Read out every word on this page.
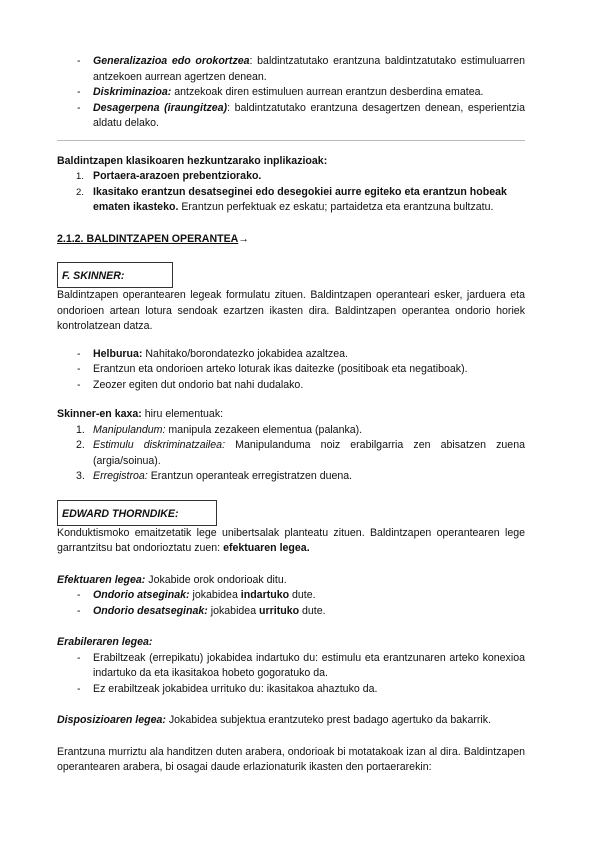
- Generalizazioa edo orokortzea: baldintzatutako erantzuna baldintzatutako estimuluarren antzekoen aurrean agertzen denean.
- Diskriminazioa: antzekoak diren estimuluen aurrean erantzun desberdina ematea.
- Desagerpena (iraungitzea): baldintzatutako erantzuna desagertzen denean, esperientzia aldatu delako.

Baldintzapen klasikoaren hezkuntzarako inplikazioak:

1. Portaera-arazoen prebentziorako.
2. Ikasitako erantzun desatseginei edo desegokiei aurre egiteko eta erantzun hobeak ematen ikasteko. Erantzun perfektuak ez eskatu; partaidetza eta erantzuna bultzatu.

2.1.2. BALDINTZAPEN OPERANTEA→

F. SKINNER:

Baldintzapen operantearen legeak formulatu zituen. Baldintzapen operanteari esker, jarduera eta ondorioen artean lotura sendoak ezartzen ikasten dira. Baldintzapen operantea ondorio horiek kontrolatzean datza.

- Helburua: Nahitako/borondatezko jokabidea azaltzea.
- Erantzun eta ondorioen arteko loturak ikas daitezke (positiboak eta negatiboak).
- Zeozer egiten dut ondorio bat nahi dudalako.

Skinner-en kaxa: hiru elementuak:

1. Manipulandum: manipula zezakeen elementua (palanka).
2. Estimulu diskriminatzailea: Manipulanduma noiz erabilgarria zen abisatzen zuena (argia/soinua).
3. Erregistroa: Erantzun operanteak erregistratzen duena.
EDWARD THORNDIKE:

Konduktismoko emaitzetatik lege unibertsalak planteatu zituen. Baldintzapen operantearen lege garrantzitsu bat ondorioztatu zuen: efektuaren legea.

Efektuaren legea: Jokabide orok ondorioak ditu.

- Ondorio atseginak: jokabidea indartuko dute.
- Ondorio desatseginak: jokabidea urrituko dute.

Erabileraren legea:

- Erabiltzeak (errepikatu) jokabidea indartuko du: estimulu eta erantzunaren arteko konexioa indartuko da eta ikasitakoa hobeto gogoratuko da.
- Ez erabiltzeak jokabidea urrituko du: ikasitakoa ahaztuko da.

Disposizioaren legea: Jokabidea subjektua erantzuteko prest badago agertuko da bakarrik.

Erantzuna murriztu ala handitzen duten arabera, ondorioak bi motatakoak izan al dira. Baldintzapen operantearen arabera, bi osagai daude erlazionaturik ikasten den portaerarekin:
